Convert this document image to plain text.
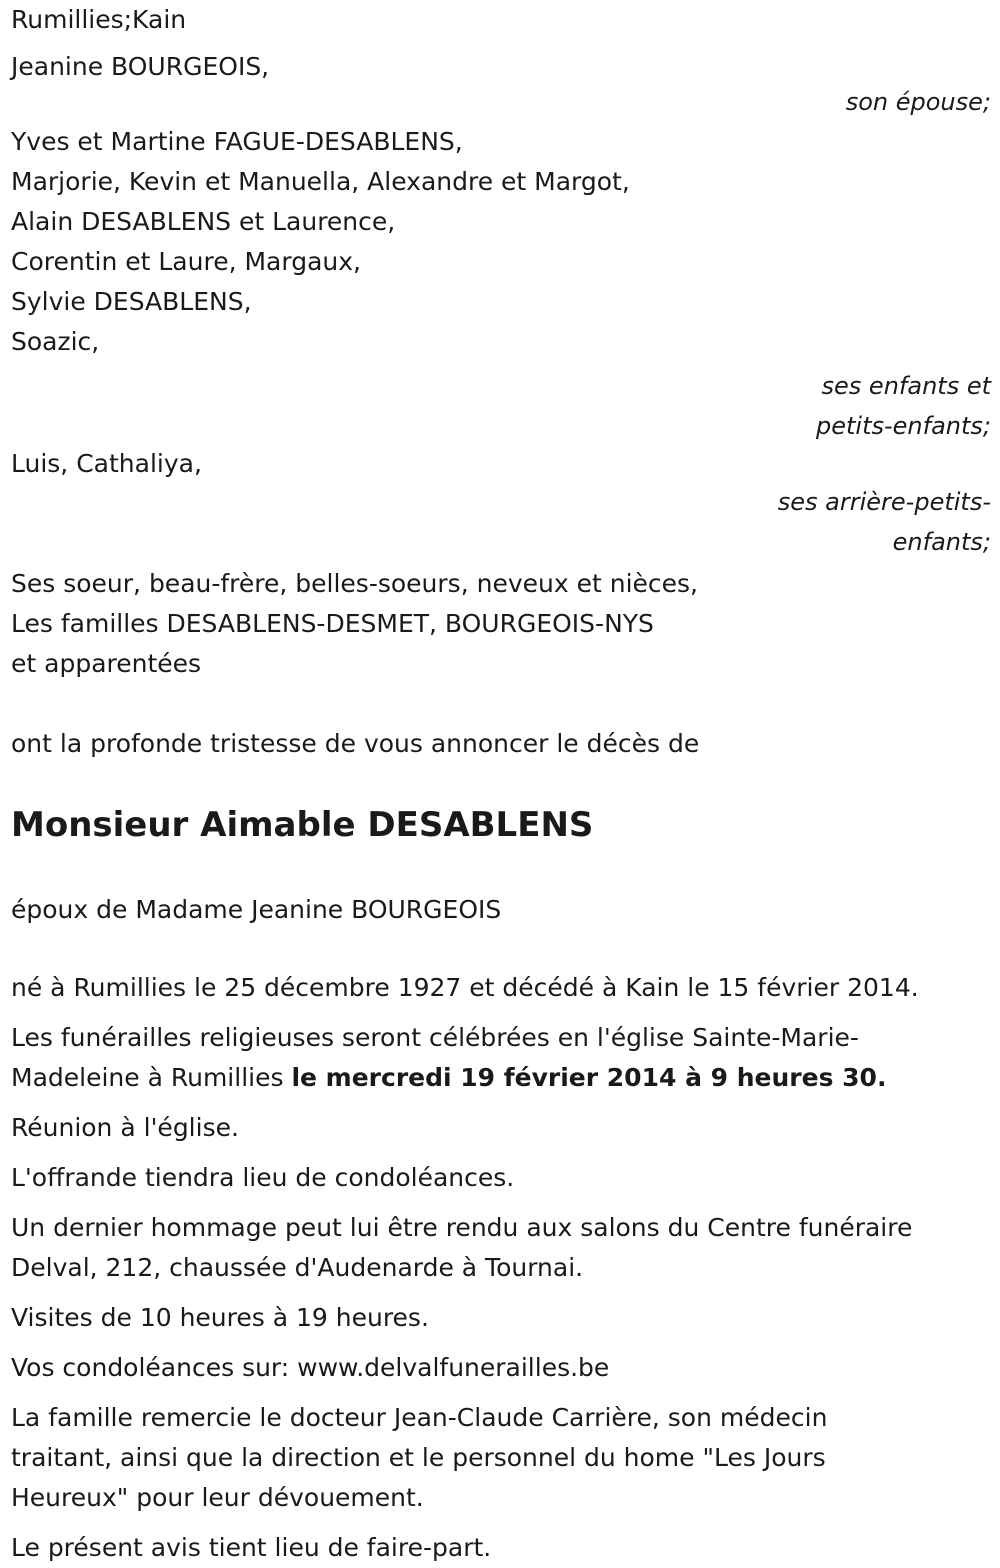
Rumillies;Kain
Jeanine BOURGEOIS,
son épouse;
Yves et Martine FAGUE-DESABLENS,
Marjorie, Kevin et Manuella, Alexandre et Margot,
Alain DESABLENS et Laurence,
Corentin et Laure, Margaux,
Sylvie DESABLENS,
Soazic,
ses enfants et
petits-enfants;
Luis, Cathaliya,
ses arrière-petits-
enfants;
Ses soeur, beau-frère, belles-soeurs, neveux et nièces,
Les familles DESABLENS-DESMET, BOURGEOIS-NYS
et apparentées
ont la profonde tristesse de vous annoncer le décès de
Monsieur Aimable DESABLENS
époux de Madame Jeanine BOURGEOIS
né à Rumillies le 25 décembre 1927 et décédé à Kain le 15 février 2014.
Les funérailles religieuses seront célébrées en l'église Sainte-Marie-
Madeleine à Rumillies le mercredi 19 février 2014 à 9 heures 30.
Réunion à l'église.
L'offrande tiendra lieu de condoléances.
Un dernier hommage peut lui être rendu aux salons du Centre funéraire
Delval, 212, chaussée d'Audenarde à Tournai.
Visites de 10 heures à 19 heures.
Vos condoléances sur: www.delvalfunerailles.be
La famille remercie le docteur Jean-Claude Carrière, son médecin
traitant, ainsi que la direction et le personnel du home "Les Jours
Heureux" pour leur dévouement.
Le présent avis tient lieu de faire-part.
